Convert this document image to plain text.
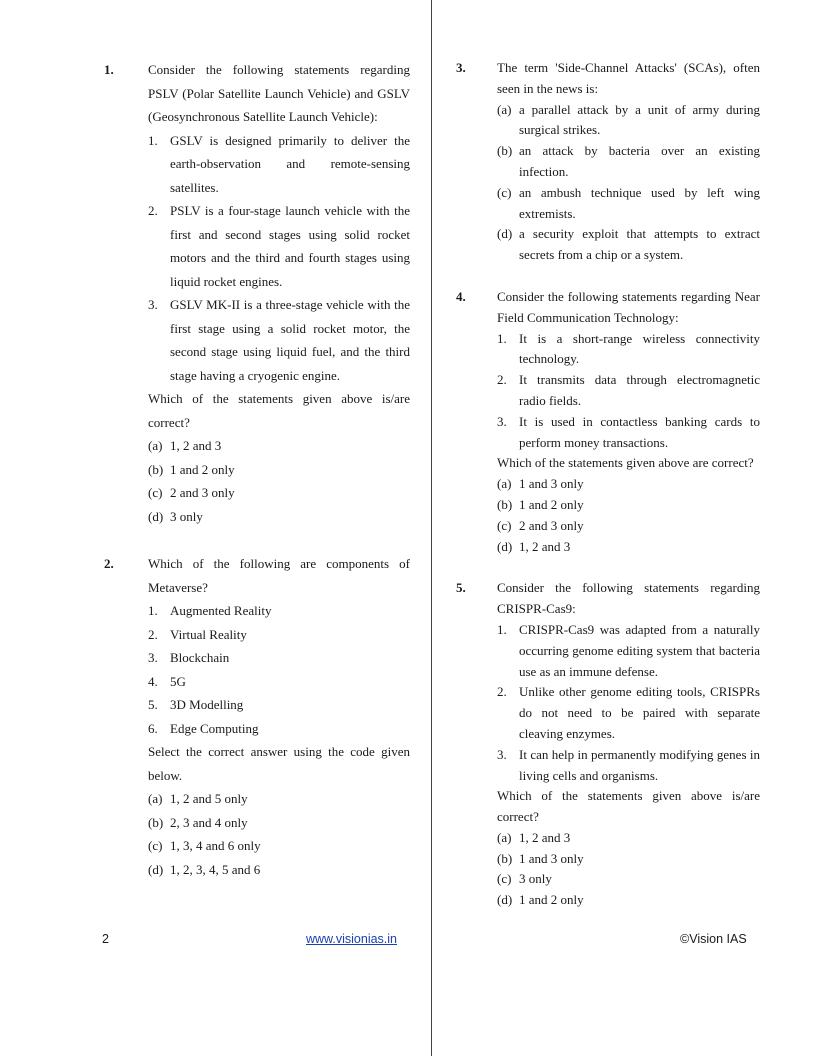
1.	Consider the following statements regarding PSLV (Polar Satellite Launch Vehicle) and GSLV (Geosynchronous Satellite Launch Vehicle):
1. GSLV is designed primarily to deliver the earth-observation and remote-sensing satellites.
2. PSLV is a four-stage launch vehicle with the first and second stages using solid rocket motors and the third and fourth stages using liquid rocket engines.
3. GSLV MK-II is a three-stage vehicle with the first stage using a solid rocket motor, the second stage using liquid fuel, and the third stage having a cryogenic engine.
Which of the statements given above is/are correct?
(a) 1, 2 and 3
(b) 1 and 2 only
(c) 2 and 3 only
(d) 3 only
2.	Which of the following are components of Metaverse?
1. Augmented Reality
2. Virtual Reality
3. Blockchain
4. 5G
5. 3D Modelling
6. Edge Computing
Select the correct answer using the code given below.
(a) 1, 2 and 5 only
(b) 2, 3 and 4 only
(c) 1, 3, 4 and 6 only
(d) 1, 2, 3, 4, 5 and 6
3. The term 'Side-Channel Attacks' (SCAs), often seen in the news is:
(a) a parallel attack by a unit of army during surgical strikes.
(b) an attack by bacteria over an existing infection.
(c) an ambush technique used by left wing extremists.
(d) a security exploit that attempts to extract secrets from a chip or a system.
4. Consider the following statements regarding Near Field Communication Technology:
1. It is a short-range wireless connectivity technology.
2. It transmits data through electromagnetic radio fields.
3. It is used in contactless banking cards to perform money transactions.
Which of the statements given above are correct?
(a) 1 and 3 only
(b) 1 and 2 only
(c) 2 and 3 only
(d) 1, 2 and 3
5. Consider the following statements regarding CRISPR-Cas9:
1. CRISPR-Cas9 was adapted from a naturally occurring genome editing system that bacteria use as an immune defense.
2. Unlike other genome editing tools, CRISPRs do not need to be paired with separate cleaving enzymes.
3. It can help in permanently modifying genes in living cells and organisms.
Which of the statements given above is/are correct?
(a) 1, 2 and 3
(b) 1 and 3 only
(c) 3 only
(d) 1 and 2 only
2	www.visionias.in	©Vision IAS
